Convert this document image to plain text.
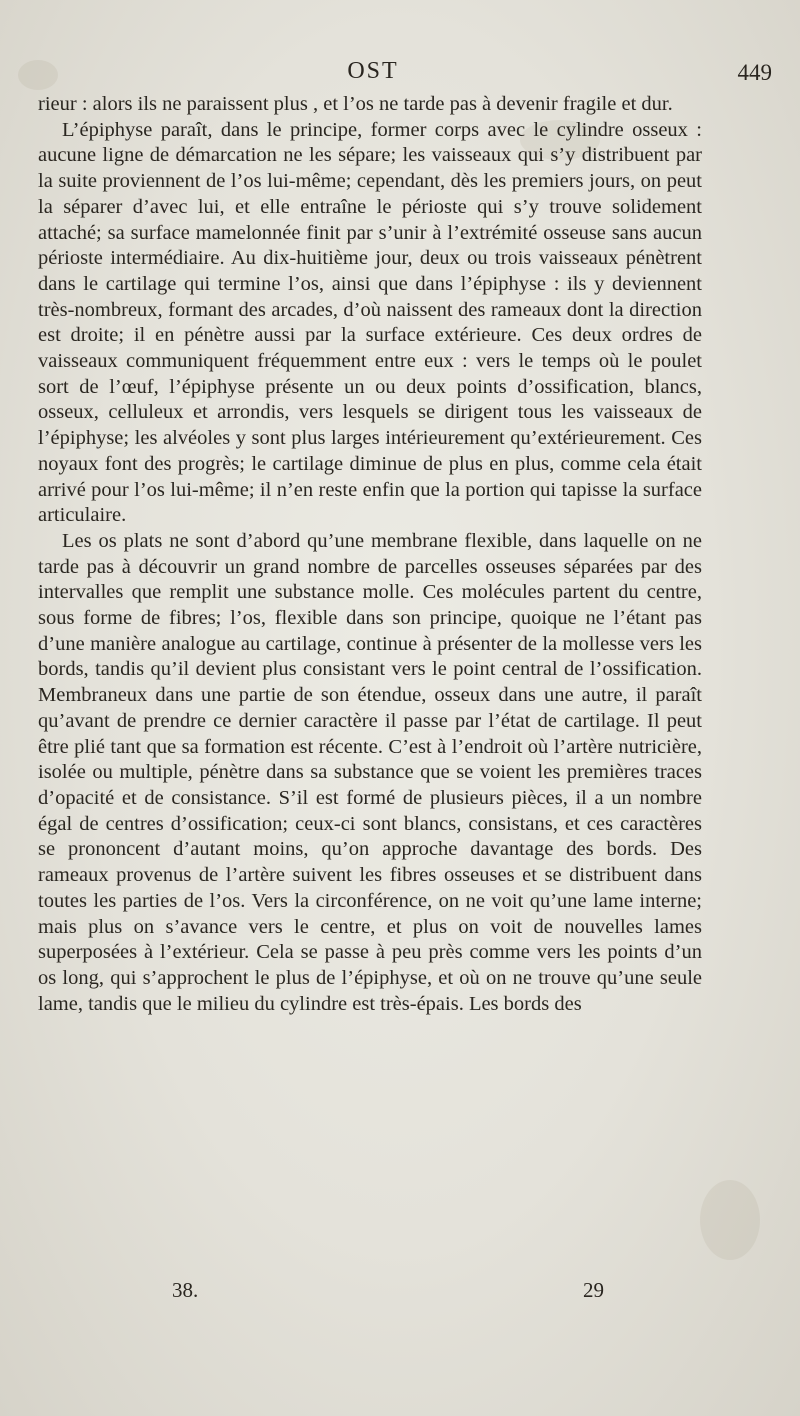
OST	449

rieur : alors ils ne paraissent plus , et l’os ne tarde pas à devenir fragile et dur.

L’épiphyse paraît, dans le principe, former corps avec le cylindre osseux : aucune ligne de démarcation ne les sépare; les vaisseaux qui s’y distribuent par la suite proviennent de l’os lui-même; cependant, dès les premiers jours, on peut la séparer d’avec lui, et elle entraîne le périoste qui s’y trouve solidement attaché; sa surface mamelonnée finit par s’unir à l’extrémité osseuse sans aucun périoste intermédiaire. Au dix-huitième jour, deux ou trois vaisseaux pénètrent dans le cartilage qui termine l’os, ainsi que dans l’épiphyse : ils y deviennent très-nombreux, formant des arcades, d’où naissent des rameaux dont la direction est droite; il en pénètre aussi par la surface extérieure. Ces deux ordres de vaisseaux communiquent fréquemment entre eux : vers le temps où le poulet sort de l’œuf, l’épiphyse présente un ou deux points d’ossification, blancs, osseux, celluleux et arrondis, vers lesquels se dirigent tous les vaisseaux de l’épiphyse; les alvéoles y sont plus larges intérieurement qu’extérieurement. Ces noyaux font des progrès; le cartilage diminue de plus en plus, comme cela était arrivé pour l’os lui-même; il n’en reste enfin que la portion qui tapisse la surface articulaire.

Les os plats ne sont d’abord qu’une membrane flexible, dans laquelle on ne tarde pas à découvrir un grand nombre de parcelles osseuses séparées par des intervalles que remplit une substance molle. Ces molécules partent du centre, sous forme de fibres; l’os, flexible dans son principe, quoique ne l’étant pas d’une manière analogue au cartilage, continue à présenter de la mollesse vers les bords, tandis qu’il devient plus consistant vers le point central de l’ossification. Membraneux dans une partie de son étendue, osseux dans une autre, il paraît qu’avant de prendre ce dernier caractère il passe par l’état de cartilage. Il peut être plié tant que sa formation est récente. C’est à l’endroit où l’artère nutricière, isolée ou multiple, pénètre dans sa substance que se voient les premières traces d’opacité et de consistance. S’il est formé de plusieurs pièces, il a un nombre égal de centres d’ossification; ceux-ci sont blancs, consistans, et ces caractères se prononcent d’autant moins, qu’on approche davantage des bords. Des rameaux provenus de l’artère suivent les fibres osseuses et se distribuent dans toutes les parties de l’os. Vers la circonférence, on ne voit qu’une lame interne; mais plus on s’avance vers le centre, et plus on voit de nouvelles lames superposées à l’extérieur. Cela se passe à peu près comme vers les points d’un os long, qui s’approchent le plus de l’épiphyse, et où on ne trouve qu’une seule lame, tandis que le milieu du cylindre est très-épais. Les bords des

38.	29
